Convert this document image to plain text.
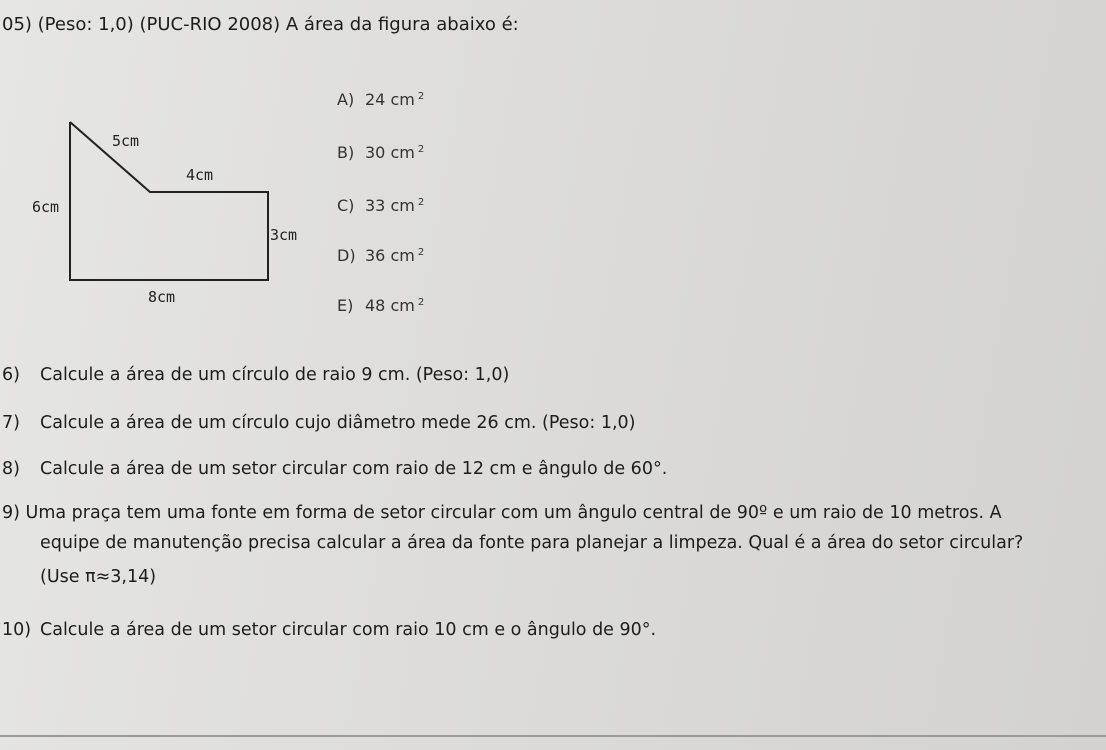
05) (Peso: 1,0) (PUC-RIO 2008) A área da figura abaixo é:
A) 24 cm $^2$
B) 30 cm $^2$
C) 33 cm $^2$
D) 36 cm $^2$
E) 48 cm $^2$
5cm
4cm
6cm
3cm
8cm
6) Calcule a área de um círculo de raio 9 cm. (Peso: 1,0)
7) Calcule a área de um círculo cujo diâmetro mede 26 cm. (Peso: 1,0)
8) Calcule a área de um setor circular com raio de 12 cm e ângulo de 60°.
9) Uma praça tem uma fonte em forma de setor circular com um ângulo central de 90º e um raio de 10 metros. A
equipe de manutenção precisa calcular a área da fonte para planejar a limpeza. Qual é a área do setor circular?
(Use π≈3,14)
10) Calcule a área de um setor circular com raio 10 cm e o ângulo de 90°.
